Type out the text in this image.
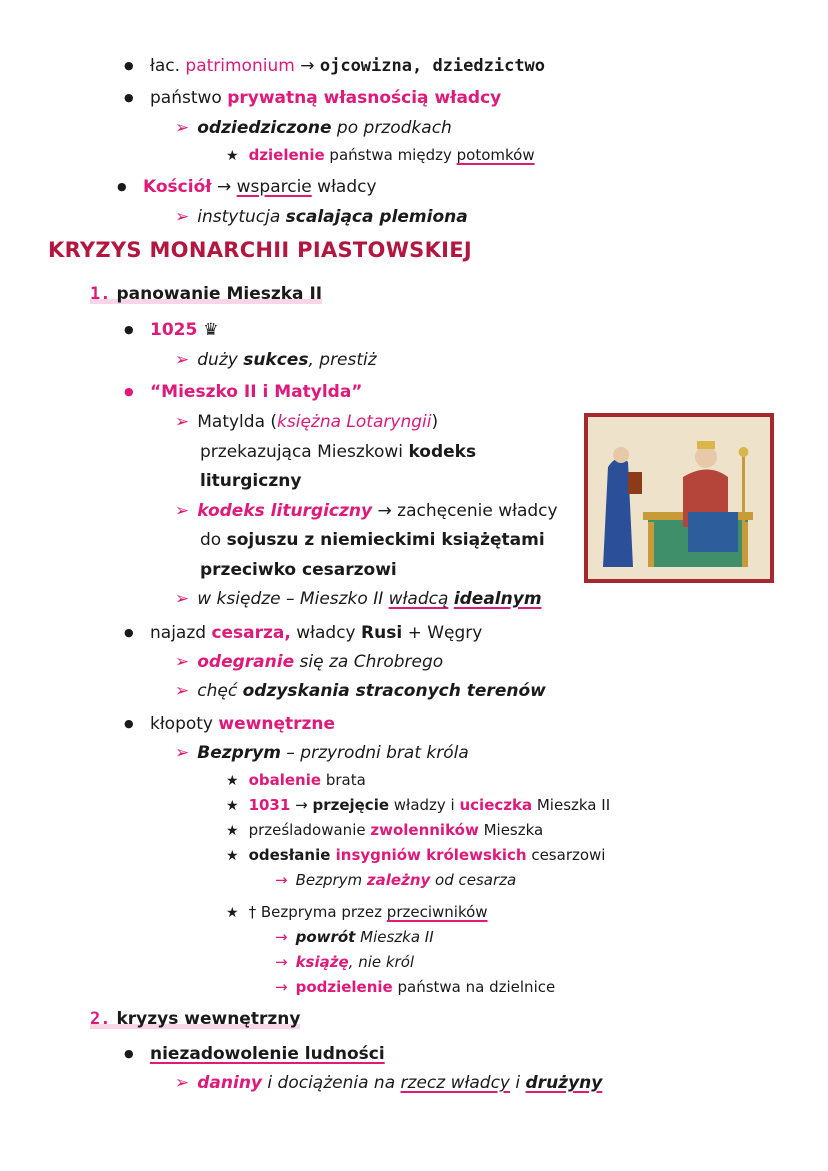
● łac. patrimonium → ojcowizna, dziedzictwo
● państwo prywatną własnością władcy
➢ odziedziczone po przodkach
★ dzielenie państwa między potomków
● Kościół → wsparcie władcy
➢ instytucja scalająca plemiona
KRYZYS MONARCHII PIASTOWSKIEJ
1. panowanie Mieszka II
● 1025 ♛
➢ duży sukces, prestiż
● “Mieszko II i Matylda”
➢ Matylda (księżna Lotaryngii)
przekazująca Mieszkowi kodeks
liturgiczny
➢ kodeks liturgiczny → zachęcenie władcy
do sojuszu z niemieckimi książętami
przeciwko cesarzowi
➢ w księdze – Mieszko II władcą idealnym
● najazd cesarza, władcy Rusi + Węgry
➢ odegranie się za Chrobrego
➢ chęć odzyskania straconych terenów
● kłopoty wewnętrzne
➢ Bezprym – przyrodni brat króla
★ obalenie brata
★ 1031 → przejęcie władzy i ucieczka Mieszka II
★ prześladowanie zwolenników Mieszka
★ odesłanie insygniów królewskich cesarzowi
→ Bezprym zależny od cesarza
★ † Bezpryma przez przeciwników
→ powrót Mieszka II
→ książę, nie król
→ podzielenie państwa na dzielnice
2. kryzys wewnętrzny
● niezadowolenie ludności
➢ daniny i dociążenia na rzecz władcy i drużyny
